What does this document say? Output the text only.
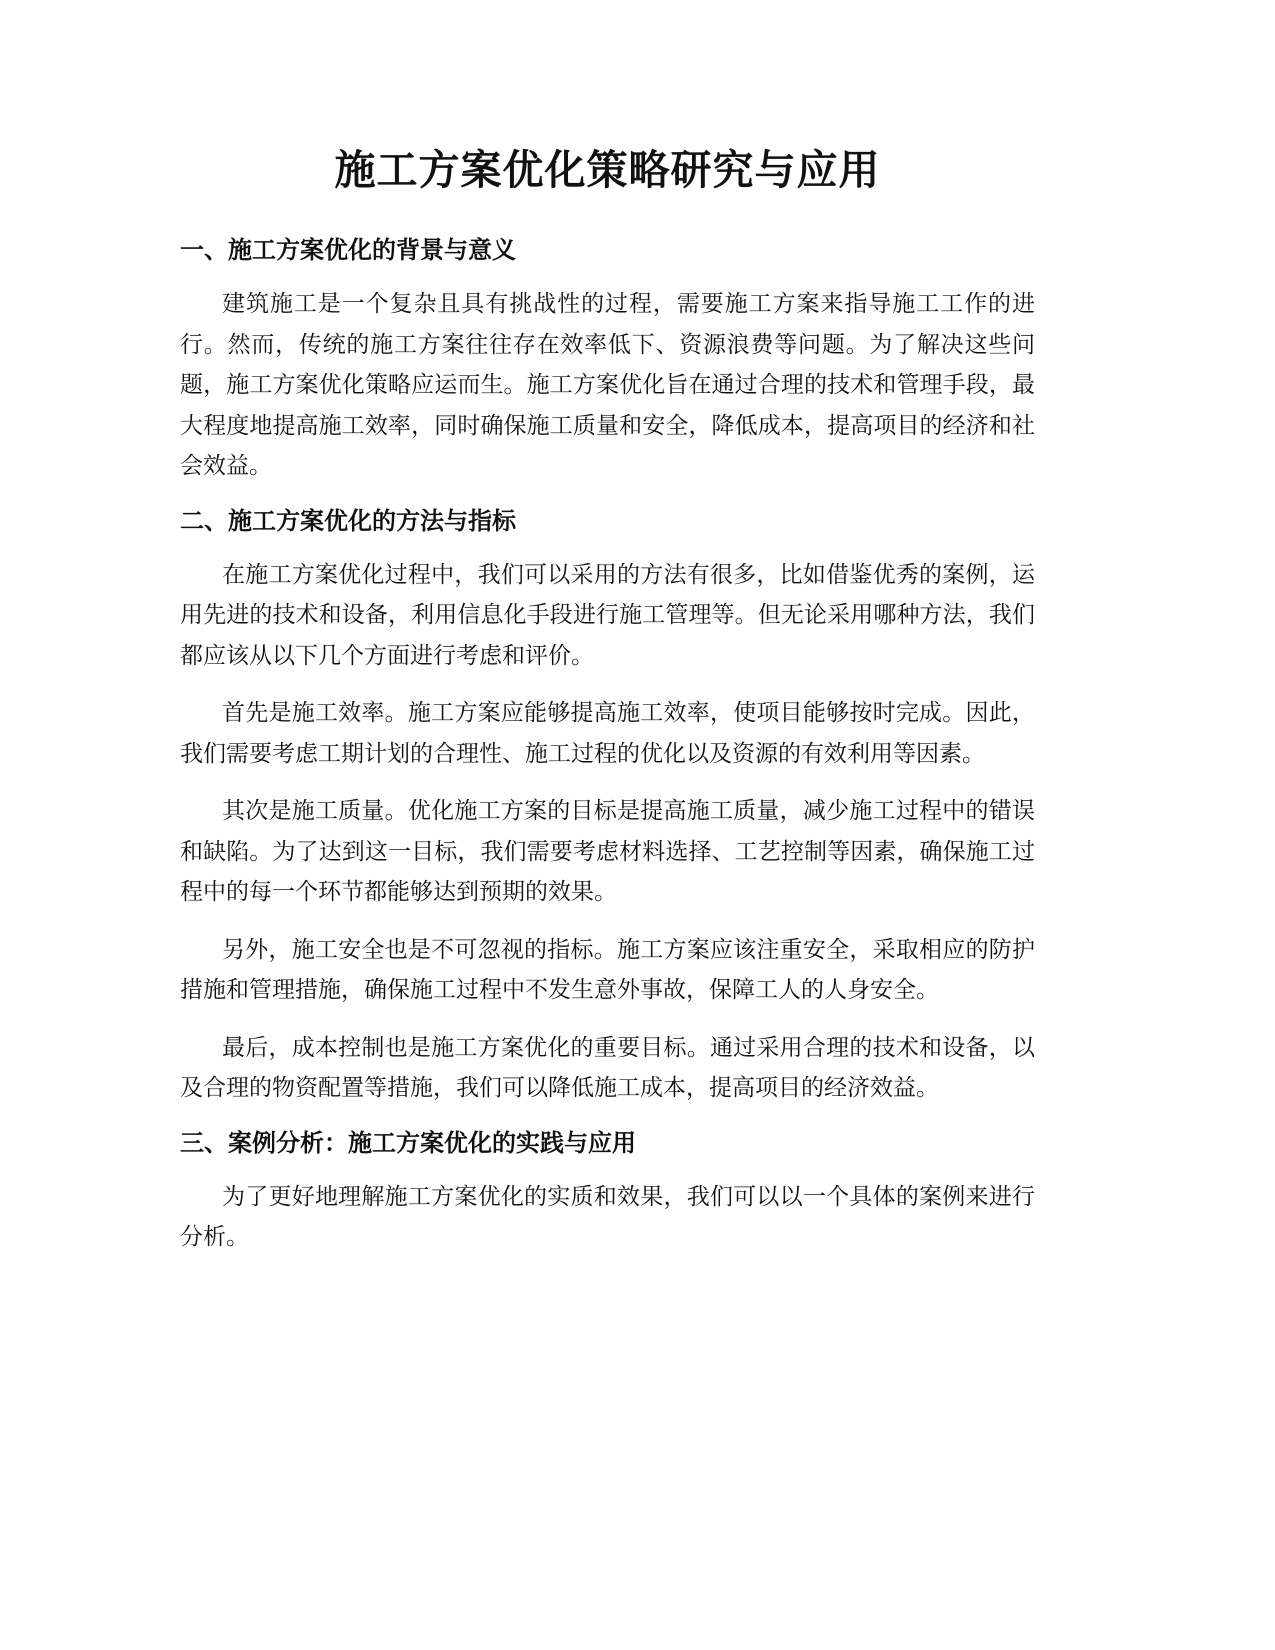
施工方案优化策略研究与应用
一、施工方案优化的背景与意义

建筑施工是一个复杂且具有挑战性的过程，需要施工方案来指导施工工作的进行。然而，传统的施工方案往往存在效率低下、资源浪费等问题。为了解决这些问题，施工方案优化策略应运而生。施工方案优化旨在通过合理的技术和管理手段，最大程度地提高施工效率，同时确保施工质量和安全，降低成本，提高项目的经济和社会效益。

二、施工方案优化的方法与指标

在施工方案优化过程中，我们可以采用的方法有很多，比如借鉴优秀的案例，运用先进的技术和设备，利用信息化手段进行施工管理等。但无论采用哪种方法，我们都应该从以下几个方面进行考虑和评价。

首先是施工效率。施工方案应能够提高施工效率，使项目能够按时完成。因此，我们需要考虑工期计划的合理性、施工过程的优化以及资源的有效利用等因素。

其次是施工质量。优化施工方案的目标是提高施工质量，减少施工过程中的错误和缺陷。为了达到这一目标，我们需要考虑材料选择、工艺控制等因素，确保施工过程中的每一个环节都能够达到预期的效果。

另外，施工安全也是不可忽视的指标。施工方案应该注重安全，采取相应的防护措施和管理措施，确保施工过程中不发生意外事故，保障工人的人身安全。

最后，成本控制也是施工方案优化的重要目标。通过采用合理的技术和设备，以及合理的物资配置等措施，我们可以降低施工成本，提高项目的经济效益。

三、案例分析：施工方案优化的实践与应用

为了更好地理解施工方案优化的实质和效果，我们可以以一个具体的案例来进行分析。
